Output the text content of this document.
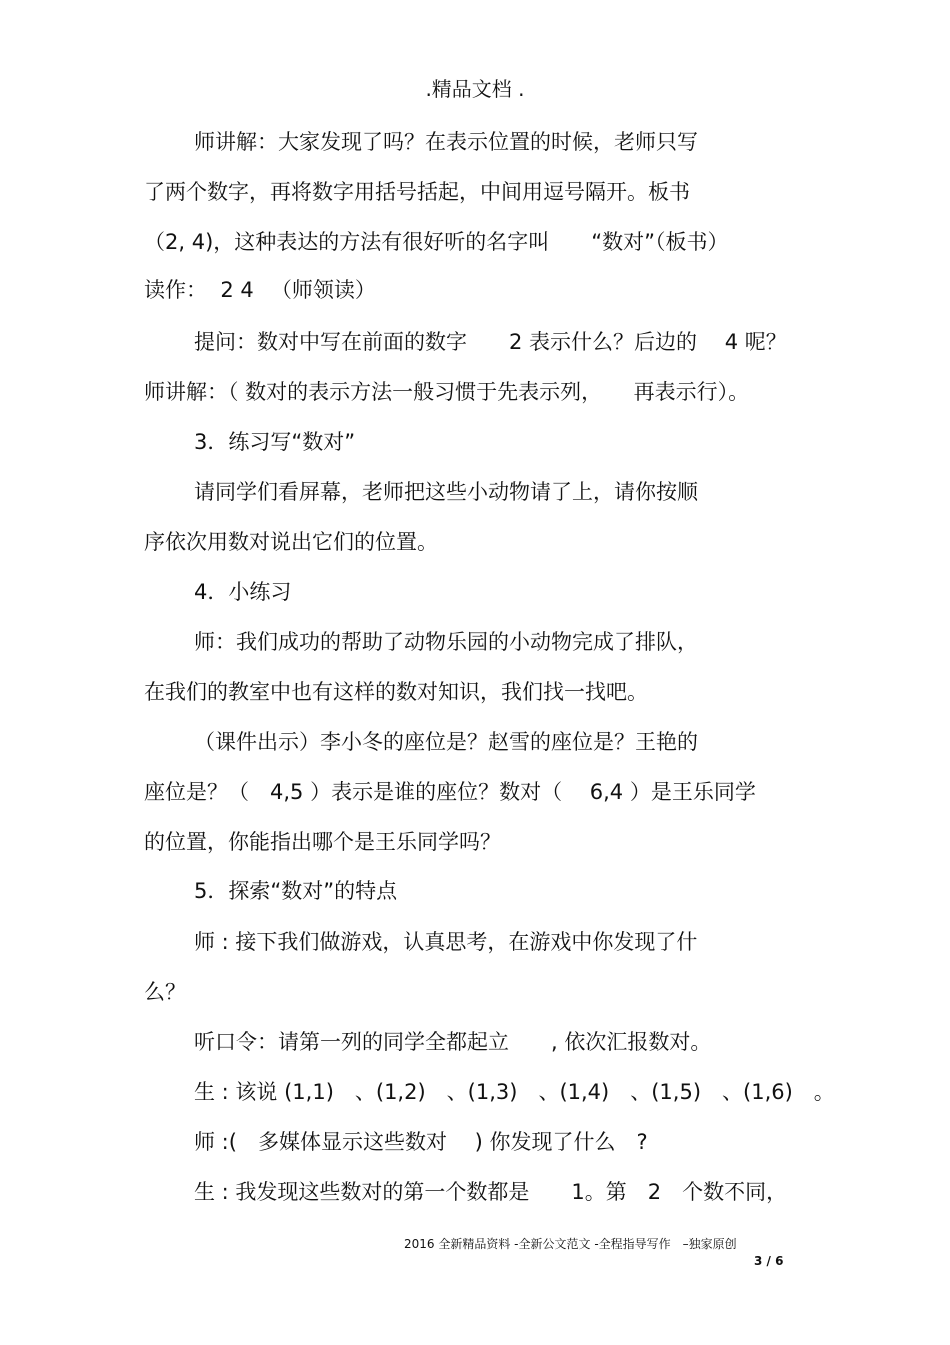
.精品文档 .
师讲解：大家发现了吗？在表示位置的时候，老师只写
了两个数字，再将数字用括号括起，中间用逗号隔开。板书
（2, 4)，这种表达的方法有很好听的名字叫　　“数对”（板书）
读作：  2 4 　（师领读）
提问：数对中写在前面的数字　　2 表示什么？后边的　 4 呢？
师讲解：（ 数对的表示方法一般习惯于先表示列，　　再表示行）。
3．练习写“数对”
请同学们看屏幕，老师把这些小动物请了上，请你按顺
序依次用数对说出它们的位置。
4．小练习
师：我们成功的帮助了动物乐园的小动物完成了排队，
在我们的教室中也有这样的数对知识，我们找一找吧。
（课件出示）李小冬的座位是？赵雪的座位是？王艳的
座位是？（　4,5 ）表示是谁的座位？数对（　 6,4 ）是王乐同学
的位置，你能指出哪个是王乐同学吗？
5．探索“数对”的特点
师 : 接下我们做游戏，认真思考，在游戏中你发现了什
么？
听口令：请第一列的同学全都起立　　, 依次汇报数对。
生 : 该说 (1,1)　、(1,2)　、(1,3)　、(1,4)　、(1,5)　、(1,6)　。
师 :(　多媒体显示这些数对　 ) 你发现了什么　?
生 : 我发现这些数对的第一个数都是　　1。第　2　个数不同，
2016 全新精品资料 -全新公文范文 -全程指导写作　–独家原创
3 / 6
